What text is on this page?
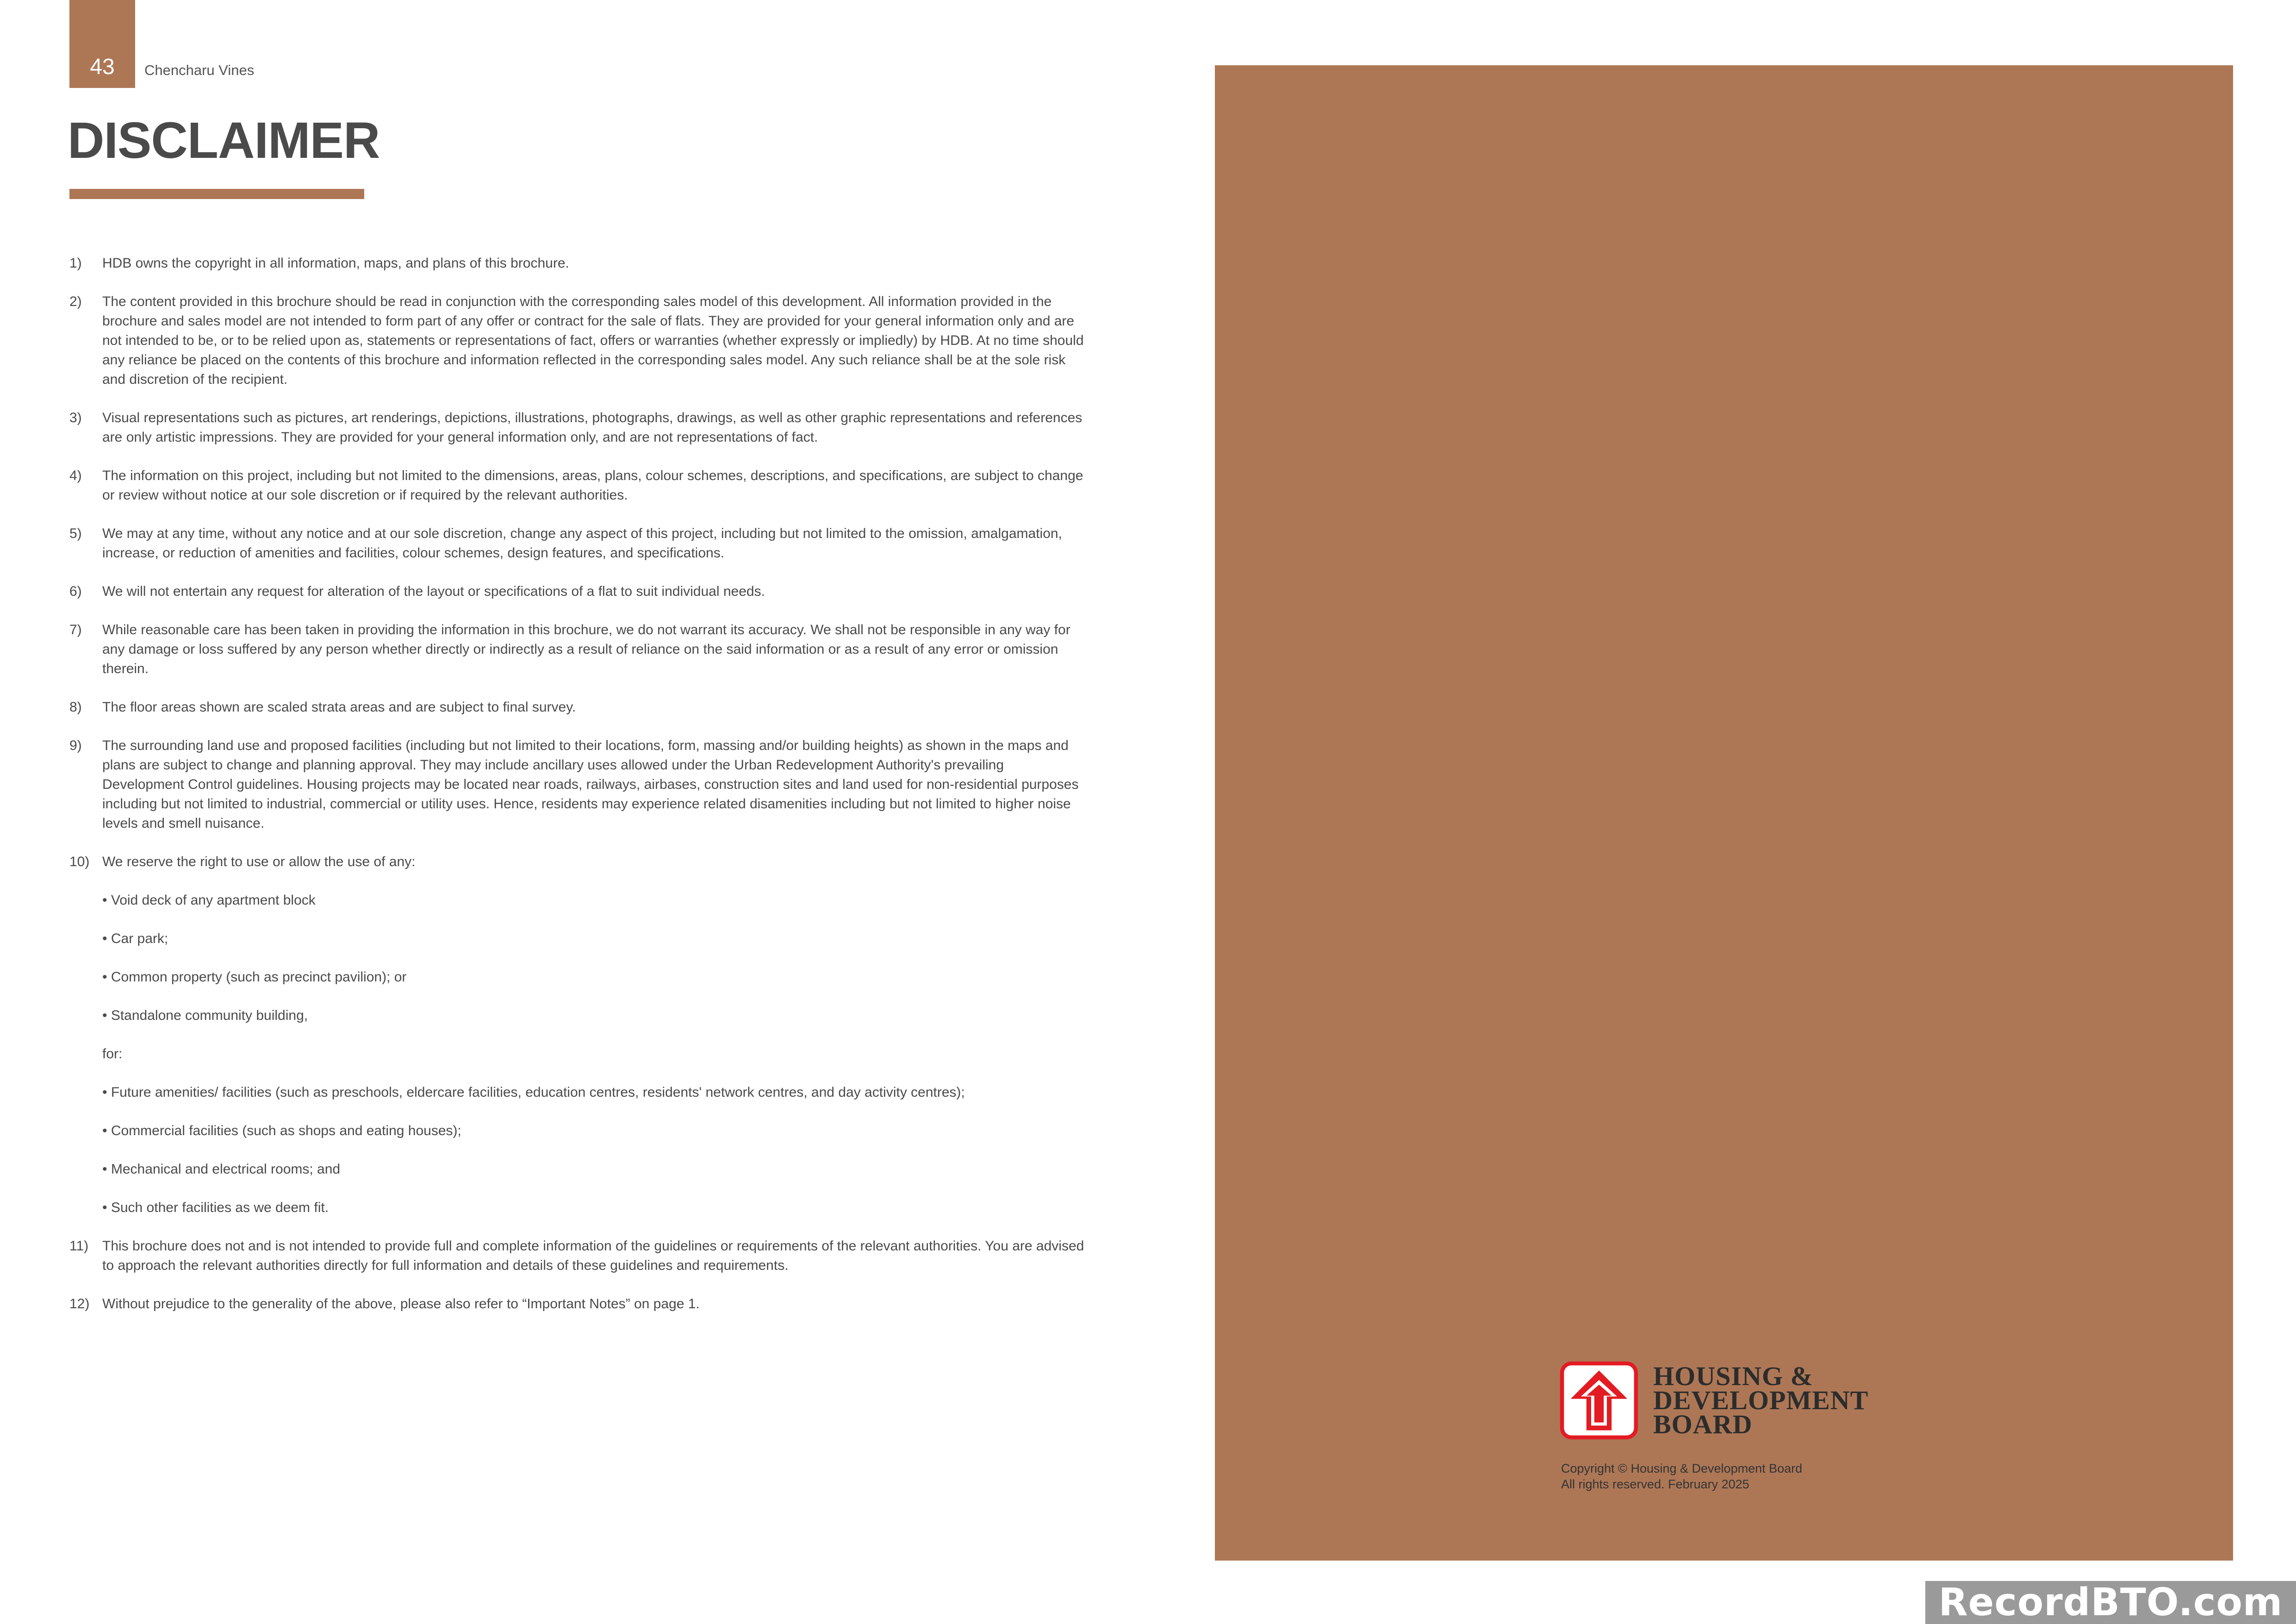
43 Chencharu Vines
DISCLAIMER
1) HDB owns the copyright in all information, maps, and plans of this brochure.
2) The content provided in this brochure should be read in conjunction with the corresponding sales model of this development. All information provided in the brochure and sales model are not intended to form part of any offer or contract for the sale of flats. They are provided for your general information only and are not intended to be, or to be relied upon as, statements or representations of fact, offers or warranties (whether expressly or impliedly) by HDB. At no time should any reliance be placed on the contents of this brochure and information reflected in the corresponding sales model. Any such reliance shall be at the sole risk and discretion of the recipient.
3) Visual representations such as pictures, art renderings, depictions, illustrations, photographs, drawings, as well as other graphic representations and references are only artistic impressions. They are provided for your general information only, and are not representations of fact.
4) The information on this project, including but not limited to the dimensions, areas, plans, colour schemes, descriptions, and specifications, are subject to change or review without notice at our sole discretion or if required by the relevant authorities.
5) We may at any time, without any notice and at our sole discretion, change any aspect of this project, including but not limited to the omission, amalgamation, increase, or reduction of amenities and facilities, colour schemes, design features, and specifications.
6) We will not entertain any request for alteration of the layout or specifications of a flat to suit individual needs.
7) While reasonable care has been taken in providing the information in this brochure, we do not warrant its accuracy. We shall not be responsible in any way for any damage or loss suffered by any person whether directly or indirectly as a result of reliance on the said information or as a result of any error or omission therein.
8) The floor areas shown are scaled strata areas and are subject to final survey.
9) The surrounding land use and proposed facilities (including but not limited to their locations, form, massing and/or building heights) as shown in the maps and plans are subject to change and planning approval. They may include ancillary uses allowed under the Urban Redevelopment Authority's prevailing Development Control guidelines. Housing projects may be located near roads, railways, airbases, construction sites and land used for non-residential purposes including but not limited to industrial, commercial or utility uses. Hence, residents may experience related disamenities including but not limited to higher noise levels and smell nuisance.
10) We reserve the right to use or allow the use of any:
• Void deck of any apartment block
• Car park;
• Common property (such as precinct pavilion); or
• Standalone community building,
for:
• Future amenities/ facilities (such as preschools, eldercare facilities, education centres, residents' network centres, and day activity centres);
• Commercial facilities (such as shops and eating houses);
• Mechanical and electrical rooms; and
• Such other facilities as we deem fit.
11) This brochure does not and is not intended to provide full and complete information of the guidelines or requirements of the relevant authorities. You are advised to approach the relevant authorities directly for full information and details of these guidelines and requirements.
12) Without prejudice to the generality of the above, please also refer to “Important Notes” on page 1.
HOUSING &
DEVELOPMENT
BOARD
Copyright © Housing & Development Board
All rights reserved. February 2025
RecordBTO.com
